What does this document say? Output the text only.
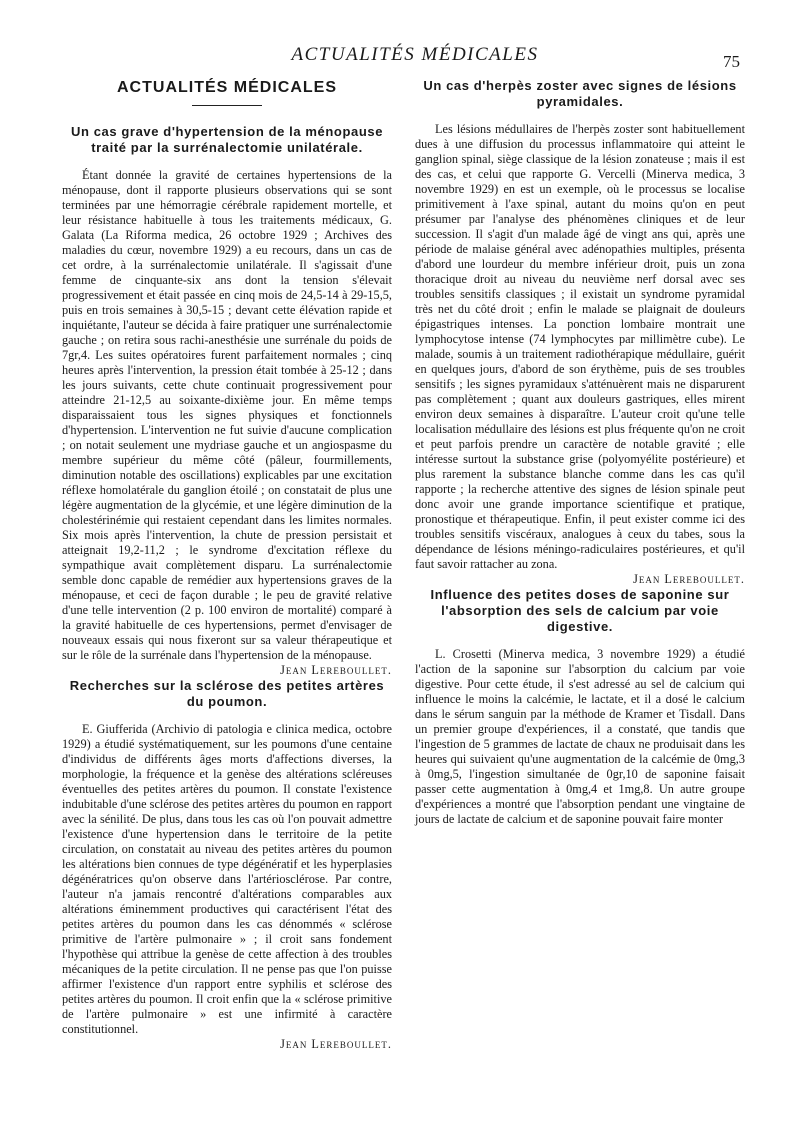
ACTUALITÉS MÉDICALES	75
ACTUALITÉS MÉDICALES
Un cas grave d'hypertension de la ménopause traité par la surrénalectomie unilatérale.

Étant donnée la gravité de certaines hypertensions de la ménopause, dont il rapporte plusieurs observations qui se sont terminées par une hémorragie cérébrale rapidement mortelle, et leur résistance habituelle à tous les traitements médicaux, G. Galata (La Riforma medica, 26 octobre 1929 ; Archives des maladies du cœur, novembre 1929) a eu recours, dans un cas de cet ordre, à la surrénalectomie unilatérale. Il s'agissait d'une femme de cinquante-six ans dont la tension s'élevait progressivement et était passée en cinq mois de 24,5-14 à 29-15,5, puis en trois semaines à 30,5-15 ; devant cette élévation rapide et inquiétante, l'auteur se décida à faire pratiquer une surrénalectomie gauche ; on retira sous rachi-anesthésie une surrénale du poids de 7gr,4. Les suites opératoires furent parfaitement normales ; cinq heures après l'intervention, la pression était tombée à 25-12 ; dans les jours suivants, cette chute continuait progressivement pour atteindre 21-12,5 au soixante-dixième jour. En même temps disparaissaient tous les signes physiques et fonctionnels d'hypertension. L'intervention ne fut suivie d'aucune complication ; on notait seulement une mydriase gauche et un angiospasme du membre supérieur du même côté (pâleur, fourmillements, diminution notable des oscillations) explicables par une excitation réflexe homolatérale du ganglion étoilé ; on constatait de plus une légère augmentation de la glycémie, et une légère diminution de la cholestérinémie qui restaient cependant dans les limites normales. Six mois après l'intervention, la chute de pression persistait et atteignait 19,2-11,2 ; le syndrome d'excitation réflexe du sympathique avait complètement disparu. La surrénalectomie semble donc capable de remédier aux hypertensions graves de la ménopause, et ceci de façon durable ; le peu de gravité relative d'une telle intervention (2 p. 100 environ de mortalité) comparé à la gravité habituelle de ces hypertensions, permet d'envisager de nouveaux essais qui nous fixeront sur sa valeur thérapeutique et sur le rôle de la surrénale dans l'hypertension de la ménopause.

Jean Lereboullet.

Recherches sur la sclérose des petites artères du poumon.

E. Giufferida (Archivio di patologia e clinica medica, octobre 1929) a étudié systématiquement, sur les poumons d'une centaine d'individus de différents âges morts d'affections diverses, la morphologie, la fréquence et la genèse des altérations scléreuses éventuelles des petites artères du poumon. Il constate l'existence indubitable d'une sclérose des petites artères du poumon en rapport avec la sénilité. De plus, dans tous les cas où l'on pouvait admettre l'existence d'une hypertension dans le territoire de la petite circulation, on constatait au niveau des petites artères du poumon les altérations bien connues de type dégénératif et les hyperplasies dégénératrices qu'on observe dans l'artériosclérose. Par contre, l'auteur n'a jamais rencontré d'altérations comparables aux altérations éminemment productives qui caractérisent l'état des petites artères du poumon dans les cas dénommés « sclérose primitive de l'artère pulmonaire » ; il croit sans fondement l'hypothèse qui attribue la genèse de cette affection à des troubles mécaniques de la petite circulation. Il ne pense pas que l'on puisse affirmer l'existence d'un rapport entre syphilis et sclérose des petites artères du poumon. Il croit enfin que la « sclérose primitive de l'artère pulmonaire » est une infirmité à caractère constitutionnel.

Jean Lereboullet.

Un cas d'herpès zoster avec signes de lésions pyramidales.

Les lésions médullaires de l'herpès zoster sont habituellement dues à une diffusion du processus inflammatoire qui atteint le ganglion spinal, siège classique de la lésion zonateuse ; mais il est des cas, et celui que rapporte G. Vercelli (Minerva medica, 3 novembre 1929) en est un exemple, où le processus se localise primitivement à l'axe spinal, autant du moins qu'on en peut présumer par l'analyse des phénomènes cliniques et de leur succession. Il s'agit d'un malade âgé de vingt ans qui, après une période de malaise général avec adénopathies multiples, présenta d'abord une lourdeur du membre inférieur droit, puis un zona thoracique droit au niveau du neuvième nerf dorsal avec ses troubles sensitifs classiques ; il existait un syndrome pyramidal très net du côté droit ; enfin le malade se plaignait de douleurs épigastriques intenses. La ponction lombaire montrait une lymphocytose intense (74 lymphocytes par millimètre cube). Le malade, soumis à un traitement radiothérapique médullaire, guérit en quelques jours, d'abord de son érythème, puis de ses troubles sensitifs ; les signes pyramidaux s'atténuèrent mais ne disparurent pas complètement ; quant aux douleurs gastriques, elles mirent environ deux semaines à disparaître. L'auteur croit qu'une telle localisation médullaire des lésions est plus fréquente qu'on ne croit et peut parfois prendre un caractère de notable gravité ; elle intéresse surtout la substance grise (polyomyélite postérieure) et plus rarement la substance blanche comme dans les cas qu'il rapporte ; la recherche attentive des signes de lésion spinale peut donc avoir une grande importance scientifique et pratique, pronostique et thérapeutique. Enfin, il peut exister comme ici des troubles sensitifs viscéraux, analogues à ceux du tabes, sous la dépendance de lésions méningo-radiculaires postérieures, et qu'il faut savoir rattacher au zona.

Jean Lereboullet.

Influence des petites doses de saponine sur l'absorption des sels de calcium par voie digestive.

L. Crosetti (Minerva medica, 3 novembre 1929) a étudié l'action de la saponine sur l'absorption du calcium par voie digestive. Pour cette étude, il s'est adressé au sel de calcium qui influence le moins la calcémie, le lactate, et il a dosé le calcium dans le sérum sanguin par la méthode de Kramer et Tisdall. Dans un premier groupe d'expériences, il a constaté, que tandis que l'ingestion de 5 grammes de lactate de chaux ne produisait dans les heures qui suivaient qu'une augmentation de la calcémie de 0mg,3 à 0mg,5, l'ingestion simultanée de 0gr,10 de saponine faisait passer cette augmentation à 0mg,4 et 1mg,8. Un autre groupe d'expériences a montré que l'absorption pendant une vingtaine de jours de lactate de calcium et de saponine pouvait faire monter
